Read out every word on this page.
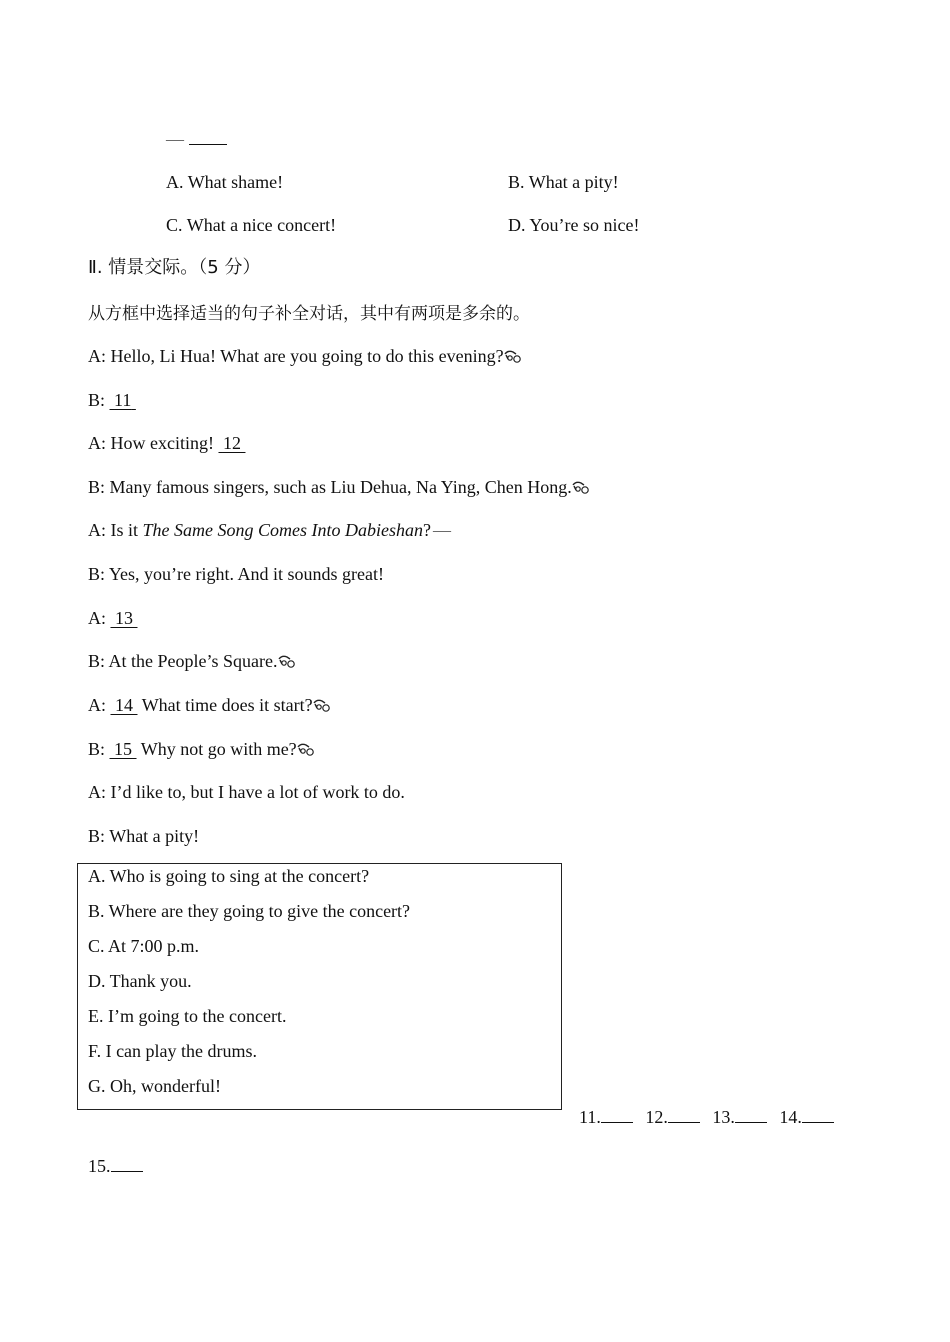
—
A. What shame!	B. What a pity!
C. What a nice concert!	D. You’re so nice!
Ⅱ. 情景交际。（5 分）
从方框中选择适当的句子补全对话，其中有两项是多余的。
A: Hello, Li Hua! What are you going to do this evening?
B: 11
A: How exciting! 12
B: Many famous singers, such as Liu Dehua, Na Ying, Chen Hong.
A: Is it The Same Song Comes Into Dabieshan? —
B: Yes, you’re right. And it sounds great!
A: 13
B: At the People’s Square.
A: 14 What time does it start?
B: 15 Why not go with me?
A: I’d like to, but I have a lot of work to do.
B: What a pity!
A. Who is going to sing at the concert?
B. Where are they going to give the concert?
C. At 7:00 p.m.
D. Thank you.
E. I’m going to the concert.
F. I can play the drums.
G. Oh, wonderful!
11. 12. 13. 14.
15.
